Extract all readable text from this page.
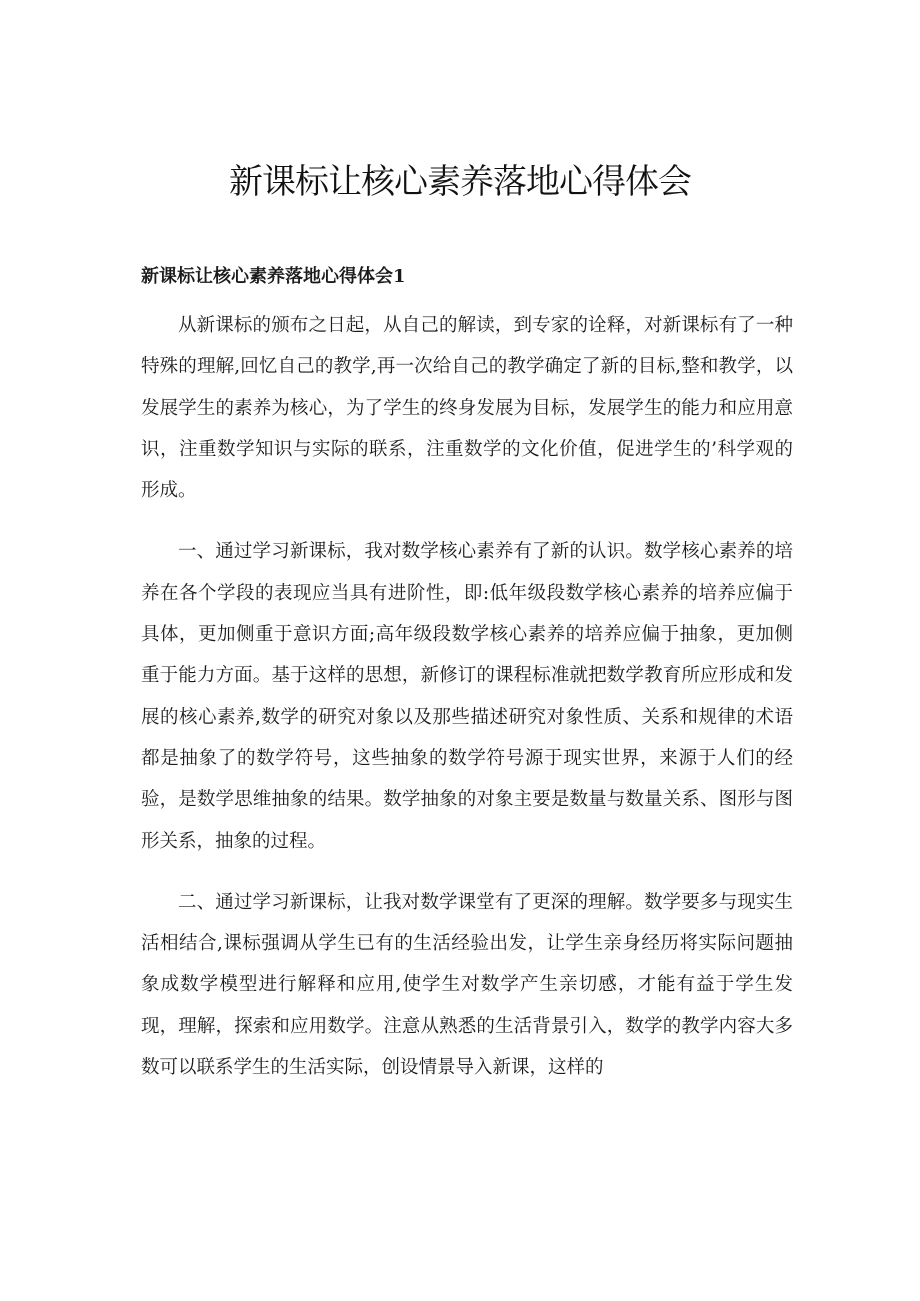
新课标让核心素养落地心得体会
新课标让核心素养落地心得体会1

从新课标的颁布之日起，从自己的解读，到专家的诠释，对新课标有了一种特殊的理解,回忆自己的教学,再一次给自己的教学确定了新的目标,整和教学，以发展学生的素养为核心，为了学生的终身发展为目标，发展学生的能力和应用意识，注重数学知识与实际的联系，注重数学的文化价值，促进学生的’科学观的形成。

一、通过学习新课标，我对数学核心素养有了新的认识。数学核心素养的培养在各个学段的表现应当具有进阶性，即:低年级段数学核心素养的培养应偏于具体，更加侧重于意识方面;高年级段数学核心素养的培养应偏于抽象，更加侧重于能力方面。基于这样的思想，新修订的课程标准就把数学教育所应形成和发展的核心素养,数学的研究对象以及那些描述研究对象性质、关系和规律的术语都是抽象了的数学符号，这些抽象的数学符号源于现实世界，来源于人们的经验，是数学思维抽象的结果。数学抽象的对象主要是数量与数量关系、图形与图形关系，抽象的过程。

二、通过学习新课标，让我对数学课堂有了更深的理解。数学要多与现实生活相结合,课标强调从学生已有的生活经验出发，让学生亲身经历将实际问题抽象成数学模型进行解释和应用,使学生对数学产生亲切感，才能有益于学生发现，理解，探索和应用数学。注意从熟悉的生活背景引入，数学的教学内容大多数可以联系学生的生活实际，创设情景导入新课，这样的
